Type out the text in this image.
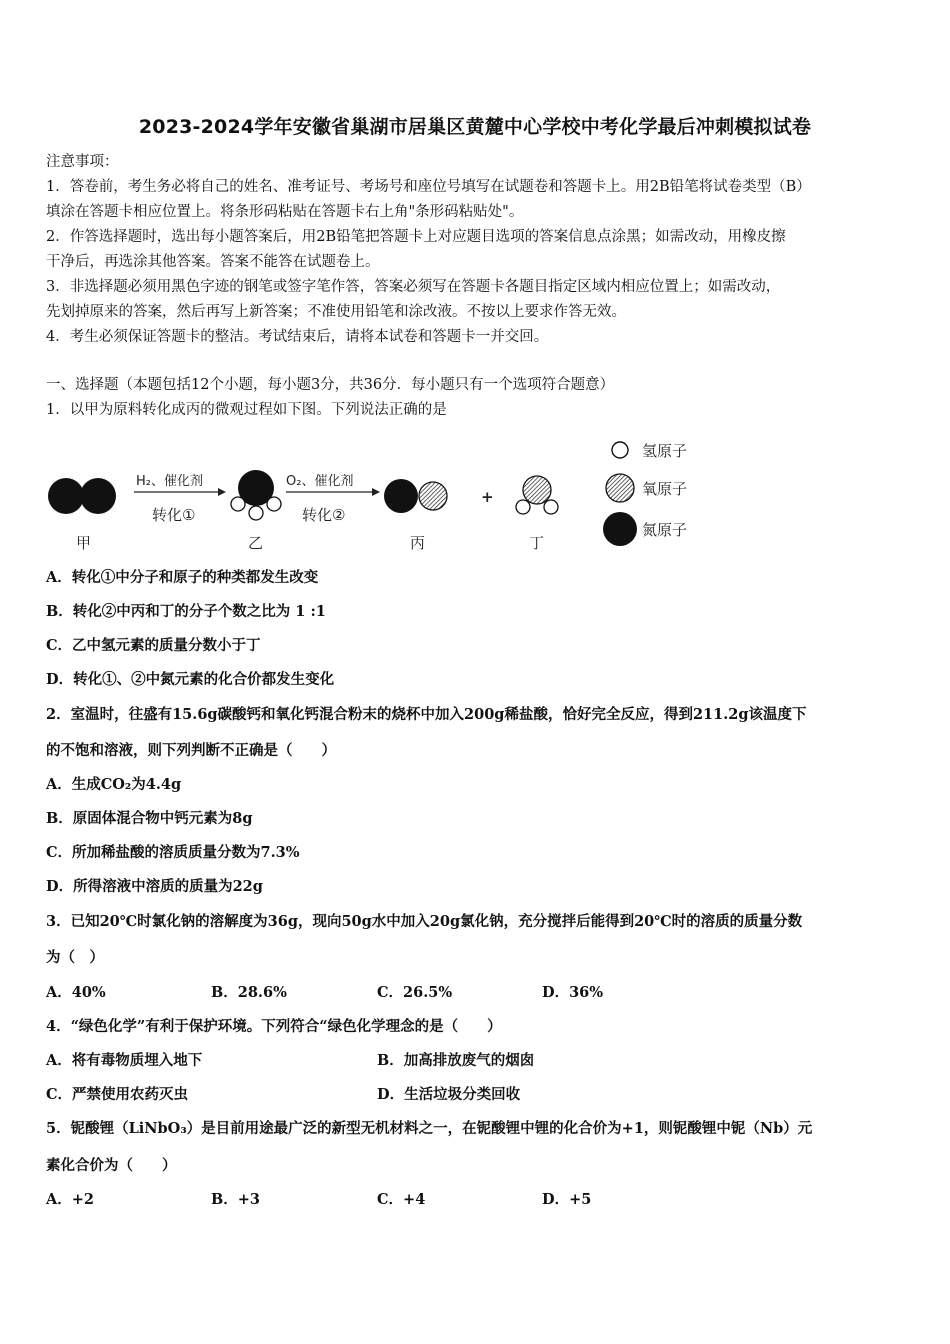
2023-2024学年安徽省巢湖市居巢区黄麓中心学校中考化学最后冲刺模拟试卷
注意事项：
1．答卷前，考生务必将自己的姓名、准考证号、考场号和座位号填写在试题卷和答题卡上。用2B铅笔将试卷类型（B）
填涂在答题卡相应位置上。将条形码粘贴在答题卡右上角"条形码粘贴处"。
2．作答选择题时，选出每小题答案后，用2B铅笔把答题卡上对应题目选项的答案信息点涂黑；如需改动，用橡皮擦
干净后，再选涂其他答案。答案不能答在试题卷上。
3．非选择题必须用黑色字迹的钢笔或签字笔作答，答案必须写在答题卡各题目指定区域内相应位置上；如需改动，
先划掉原来的答案，然后再写上新答案；不准使用铅笔和涂改液。不按以上要求作答无效。
4．考生必须保证答题卡的整洁。考试结束后，请将本试卷和答题卡一并交回。
一、选择题（本题包括12个小题，每小题3分，共36分．每小题只有一个选项符合题意）
1．以甲为原料转化成丙的微观过程如下图。下列说法正确的是
H₂、催化剂
转化①
O₂、催化剂
转化②
+
甲	乙	丙	丁
氢原子
氧原子
氮原子
A．转化①中分子和原子的种类都发生改变
B．转化②中丙和丁的分子个数之比为 1 :1
C．乙中氢元素的质量分数小于丁
D．转化①、②中氮元素的化合价都发生变化
2．室温时，往盛有15.6g碳酸钙和氧化钙混合粉末的烧杯中加入200g稀盐酸，恰好完全反应，得到211.2g该温度下
的不饱和溶液，则下列判断不正确是（　　）
A．生成CO₂为4.4g
B．原固体混合物中钙元素为8g
C．所加稀盐酸的溶质质量分数为7.3%
D．所得溶液中溶质的质量为22g
3．已知20℃时氯化钠的溶解度为36g，现向50g水中加入20g氯化钠，充分搅拌后能得到20℃时的溶质的质量分数
为（　）
A．40%	B．28.6%	C．26.5%	D．36%
4．“绿色化学”有利于保护环境。下列符合“绿色化学理念的是（　　）
A．将有毒物质埋入地下	B．加高排放废气的烟囱
C．严禁使用农药灭虫	D．生活垃圾分类回收
5．铌酸锂（LiNbO₃）是目前用途最广泛的新型无机材料之一，在铌酸锂中锂的化合价为+1，则铌酸锂中铌（Nb）元
素化合价为（　　）
A．+2	B．+3	C．+4	D．+5
